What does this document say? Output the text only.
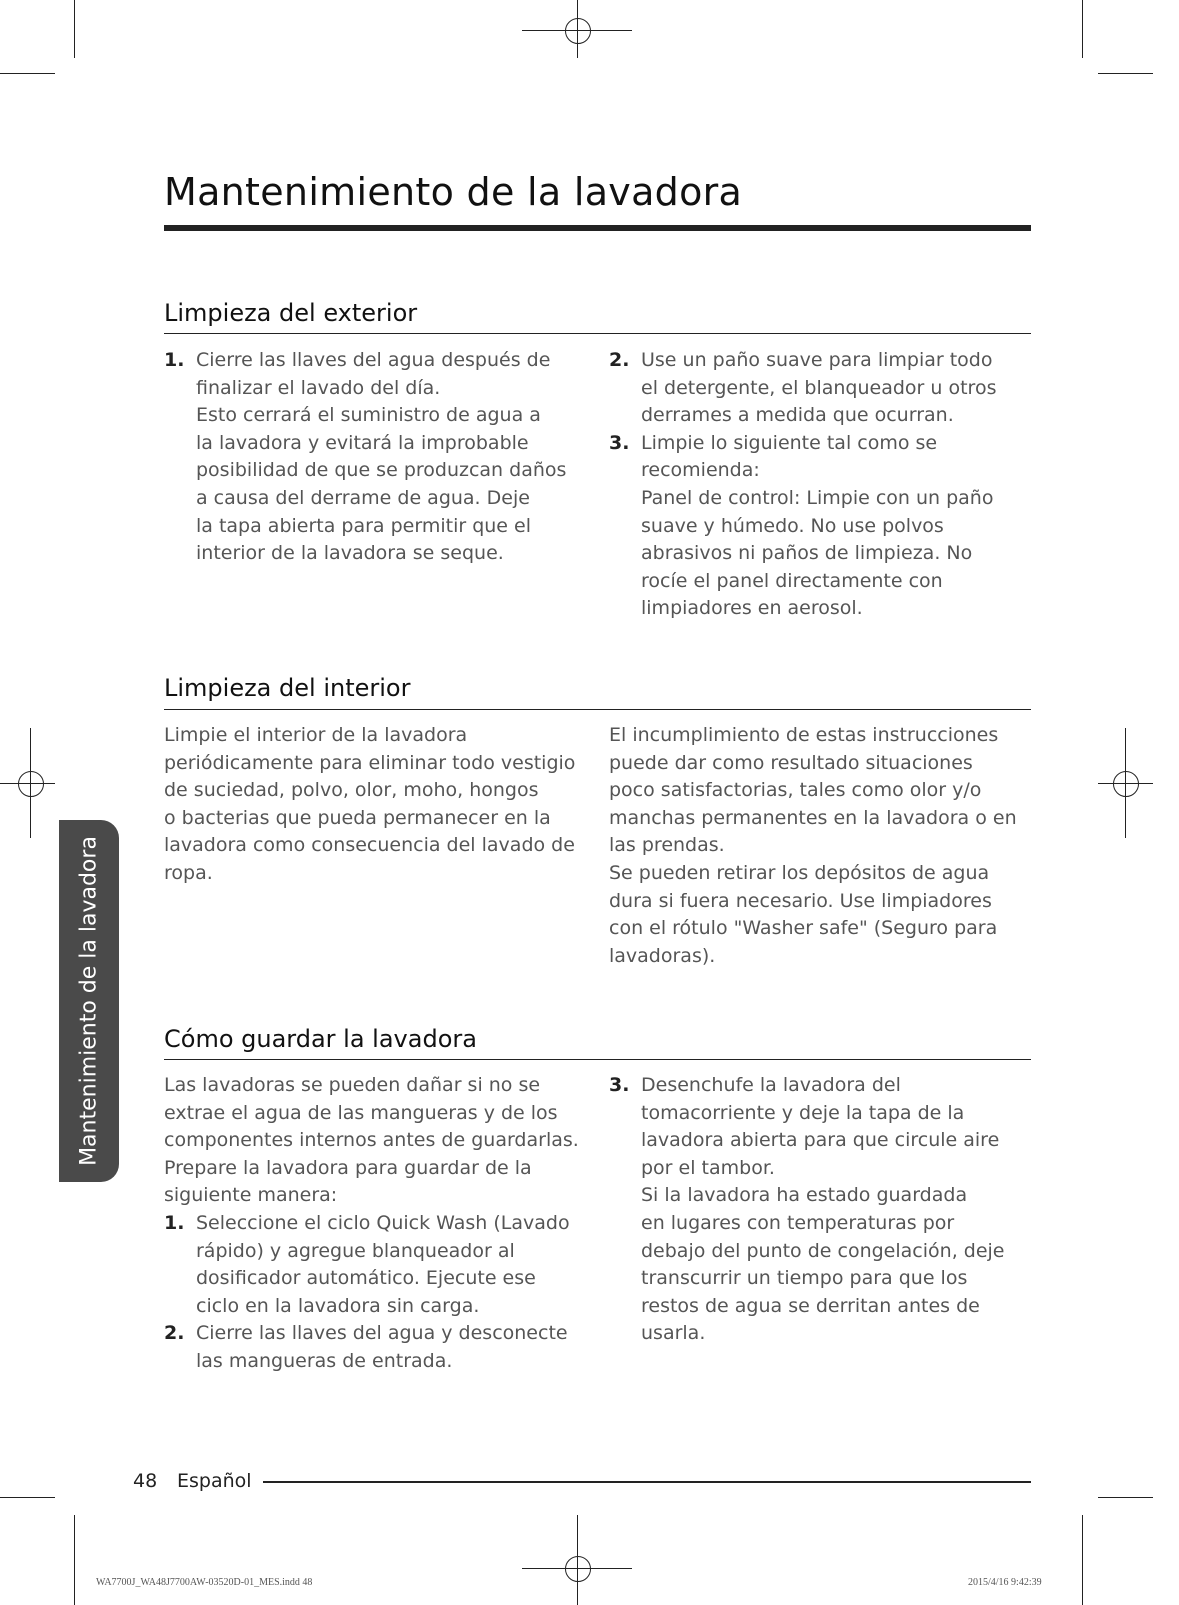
Mantenimiento de la lavadora
Limpieza del exterior
1. Cierre las llaves del agua después de

finalizar el lavado del día.

Esto cerrará el suministro de agua a

la lavadora y evitará la improbable

posibilidad de que se produzcan daños

a causa del derrame de agua. Deje

la tapa abierta para permitir que el

interior de la lavadora se seque.

2. Use un paño suave para limpiar todo

el detergente, el blanqueador u otros

derrames a medida que ocurran.

3. Limpie lo siguiente tal como se

recomienda:

Panel de control: Limpie con un paño

suave y húmedo. No use polvos

abrasivos ni paños de limpieza. No

rocíe el panel directamente con

limpiadores en aerosol.

Limpieza del interior

Limpie el interior de la lavadora

periódicamente para eliminar todo vestigio

de suciedad, polvo, olor, moho, hongos

o bacterias que pueda permanecer en la

lavadora como consecuencia del lavado de

ropa.

El incumplimiento de estas instrucciones

puede dar como resultado situaciones

poco satisfactorias, tales como olor y/o

manchas permanentes en la lavadora o en

las prendas.

Se pueden retirar los depósitos de agua

dura si fuera necesario. Use limpiadores

con el rótulo "Washer safe" (Seguro para

lavadoras).

Cómo guardar la lavadora

Las lavadoras se pueden dañar si no se

extrae el agua de las mangueras y de los

componentes internos antes de guardarlas.

Prepare la lavadora para guardar de la

siguiente manera:

1. Seleccione el ciclo Quick Wash (Lavado

rápido) y agregue blanqueador al

dosificador automático. Ejecute ese

ciclo en la lavadora sin carga.

2. Cierre las llaves del agua y desconecte

las mangueras de entrada.

3. Desenchufe la lavadora del

tomacorriente y deje la tapa de la

lavadora abierta para que circule aire

por el tambor.

Si la lavadora ha estado guardada

en lugares con temperaturas por

debajo del punto de congelación, deje

transcurrir un tiempo para que los

restos de agua se derritan antes de

usarla.

Mantenimiento de la lavadora
48 Español
WA7700J_WA48J7700AW-03520D-01_MES.indd 48	2015/4/16 9:42:39
